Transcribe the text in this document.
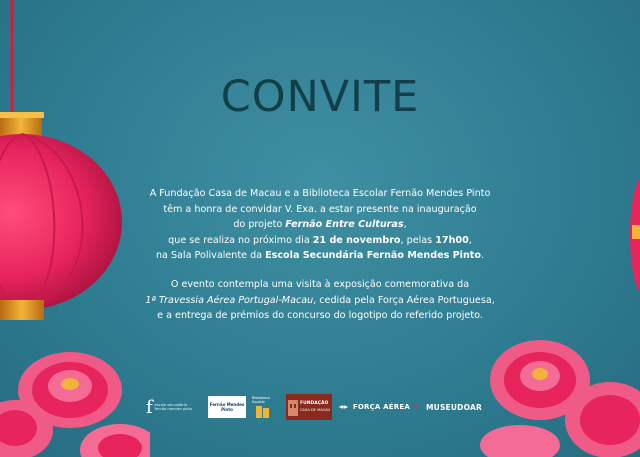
CONVITE

A Fundação Casa de Macau e a Biblioteca Escolar Fernão Mendes Pinto

têm a honra de convidar V. Exa. a estar presente na inauguração

do projeto Fernão Entre Culturas,

que se realiza no próximo dia 21 de novembro, pelas 17h00,

na Sala Polivalente da Escola Secundária Fernão Mendes Pinto.

O evento contempla uma visita à exposição comemorativa da

1ª Travessia Aérea Portugal-Macau, cedida pela Força Aérea Portuguesa,

e a entrega de prémios do concurso do logotipo do referido projeto.

f escola secundária fernão mendes pinto
Fernão Mendes Pinto
Biblioteca Escolar	FUNDAÇÃO
CASA DE MACAU	FORÇA AÉREA ✚ MUSEUDOAR
